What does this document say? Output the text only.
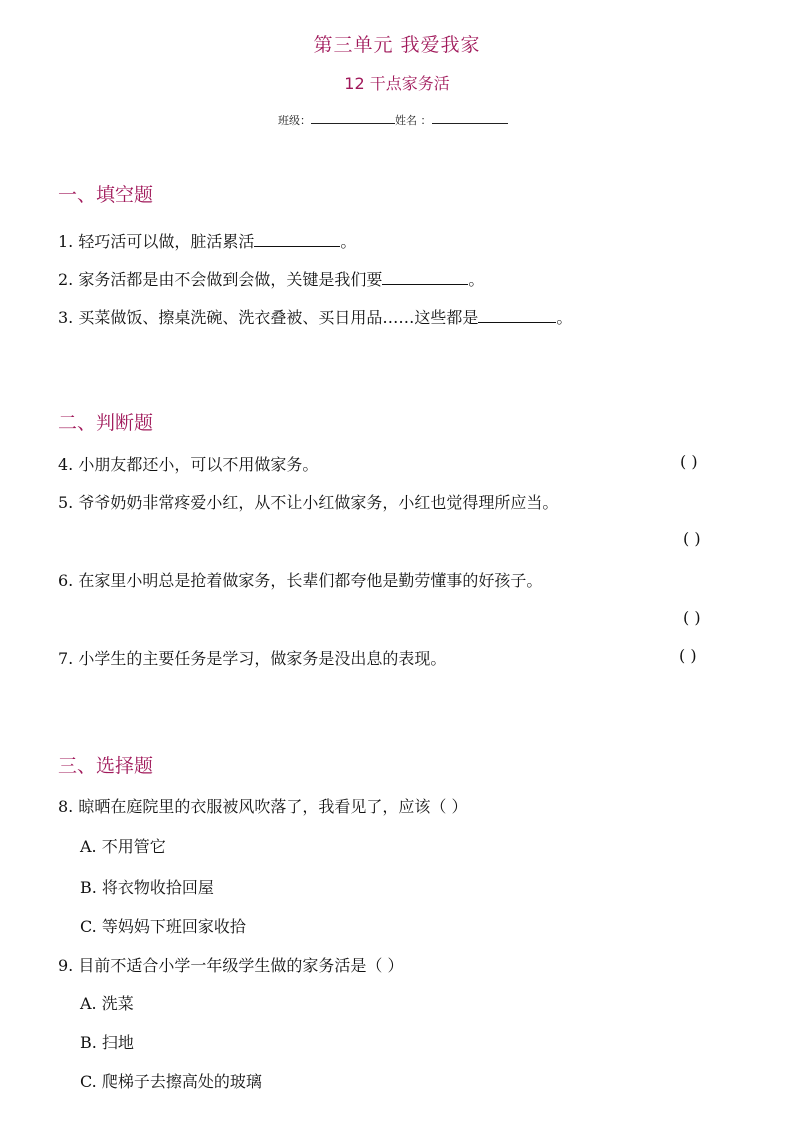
第三单元 我爱我家
12 干点家务活
班级：	姓名 ：
一、填空题
1. 轻巧活可以做，脏活累活	。
2. 家务活都是由不会做到会做，关键是我们要	。
3. 买菜做饭、擦桌洗碗、洗衣叠被、买日用品……这些都是	。
二、判断题
4. 小朋友都还小，可以不用做家务。	( )
5. 爷爷奶奶非常疼爱小红，从不让小红做家务，小红也觉得理所应当。
( )
6. 在家里小明总是抢着做家务，长辈们都夸他是勤劳懂事的好孩子。
( )
7. 小学生的主要任务是学习，做家务是没出息的表现。	( )
三、选择题
8. 晾晒在庭院里的衣服被风吹落了，我看见了，应该（ ）
A. 不用管它
B. 将衣物收拾回屋
C. 等妈妈下班回家收拾
9. 目前不适合小学一年级学生做的家务活是（ ）
A. 洗菜
B. 扫地
C. 爬梯子去擦高处的玻璃
